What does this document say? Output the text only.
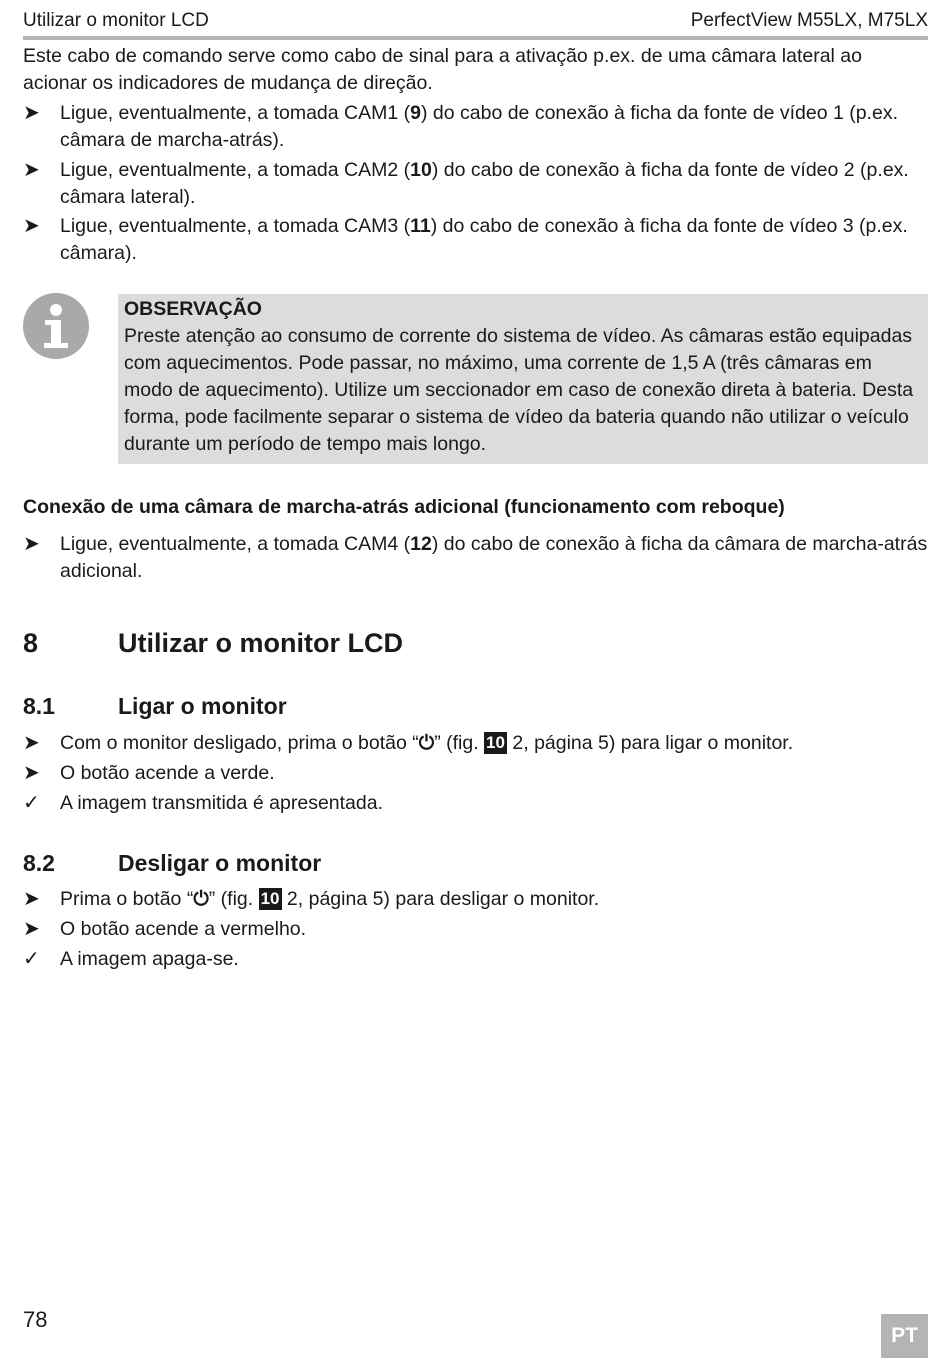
Utilizar o monitor LCD	PerfectView M55LX, M75LX
Este cabo de comando serve como cabo de sinal para a ativação p.ex. de uma câmara lateral ao acionar os indicadores de mudança de direção.
➤	Ligue, eventualmente, a tomada CAM1 (9) do cabo de conexão à ficha da fonte de vídeo 1 (p.ex. câmara de marcha-atrás).
➤	Ligue, eventualmente, a tomada CAM2 (10) do cabo de conexão à ficha da fonte de vídeo 2 (p.ex. câmara lateral).
➤	Ligue, eventualmente, a tomada CAM3 (11) do cabo de conexão à ficha da fonte de vídeo 3 (p.ex. câmara).
OBSERVAÇÃO
Preste atenção ao consumo de corrente do sistema de vídeo. As câmaras estão equipadas com aquecimentos. Pode passar, no máximo, uma corrente de 1,5 A (três câmaras em modo de aquecimento). Utilize um seccionador em caso de conexão direta à bateria. Desta forma, pode facilmente separar o sistema de vídeo da bateria quando não utilizar o veículo durante um período de tempo mais longo.
Conexão de uma câmara de marcha-atrás adicional (funcionamento com reboque)
➤	Ligue, eventualmente, a tomada CAM4 (12) do cabo de conexão à ficha da câmara de marcha-atrás adicional.
8	Utilizar o monitor LCD
8.1	Ligar o monitor
➤	Com o monitor desligado, prima o botão “⏻” (fig. 10 2, página 5) para ligar o monitor.
➤	O botão acende a verde.
✓	A imagem transmitida é apresentada.
8.2	Desligar o monitor
➤	Prima o botão “⏻” (fig. 10 2, página 5) para desligar o monitor.
➤	O botão acende a vermelho.
✓	A imagem apaga-se.
78
PT
